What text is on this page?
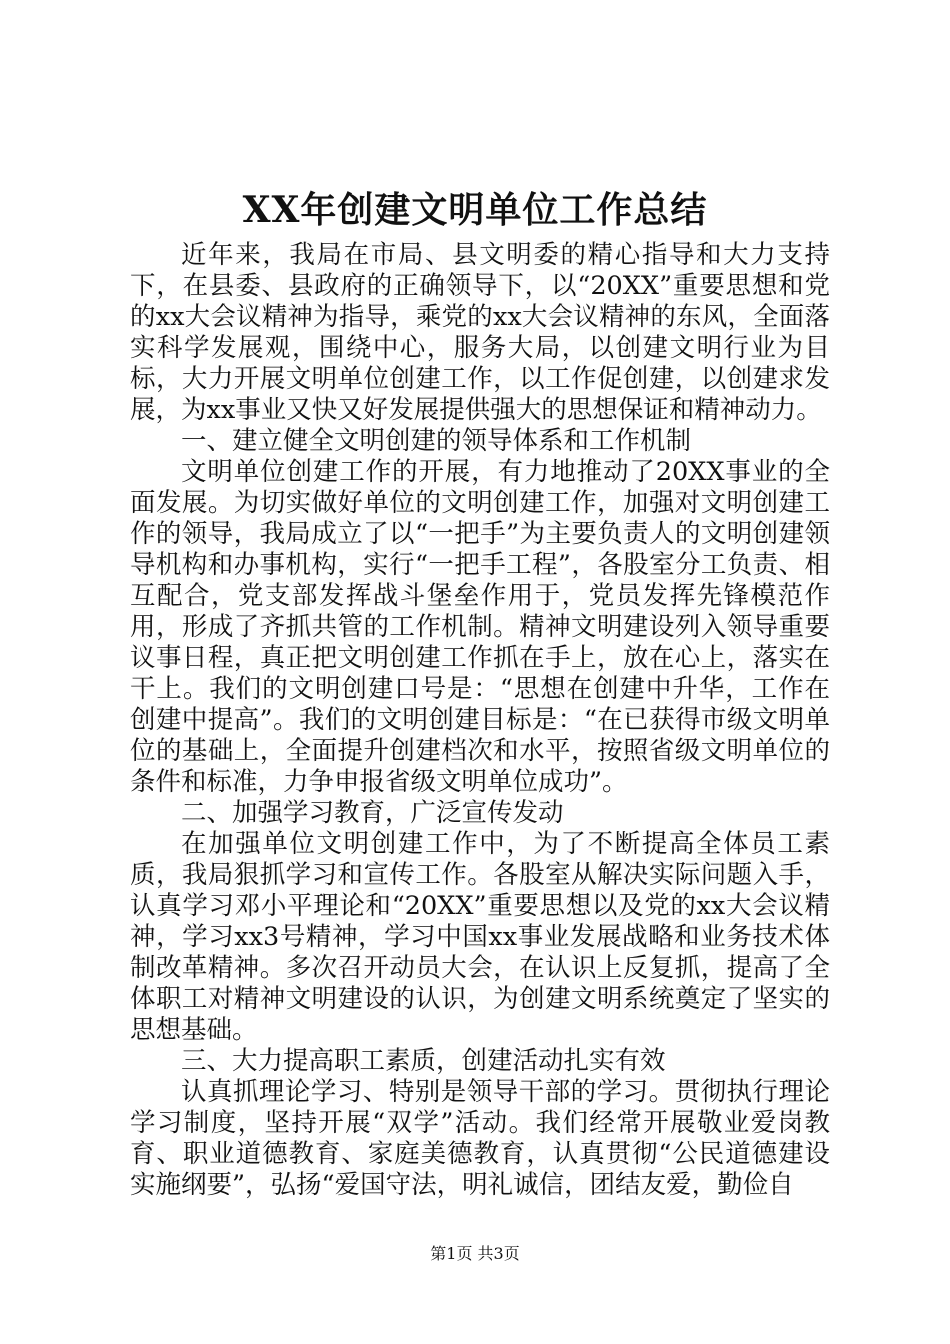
XX年创建文明单位工作总结

近年来，我局在市局、县文明委的精心指导和大力支持下，在县委、县政府的正确领导下，以“20XX”重要思想和党的xx大会议精神为指导，乘党的xx大会议精神的东风，全面落实科学发展观，围绕中心，服务大局，以创建文明行业为目标，大力开展文明单位创建工作，以工作促创建，以创建求发展，为xx事业又快又好发展提供强大的思想保证和精神动力。

一、建立健全文明创建的领导体系和工作机制

文明单位创建工作的开展，有力地推动了20XX事业的全面发展。为切实做好单位的文明创建工作，加强对文明创建工作的领导，我局成立了以“一把手”为主要负责人的文明创建领导机构和办事机构，实行“一把手工程”，各股室分工负责、相互配合，党支部发挥战斗堡垒作用于，党员发挥先锋模范作用，形成了齐抓共管的工作机制。精神文明建设列入领导重要议事日程，真正把文明创建工作抓在手上，放在心上，落实在干上。我们的文明创建口号是：“思想在创建中升华，工作在创建中提高”。我们的文明创建目标是：“在已获得市级文明单位的基础上，全面提升创建档次和水平，按照省级文明单位的条件和标准，力争申报省级文明单位成功”。

二、加强学习教育，广泛宣传发动

在加强单位文明创建工作中，为了不断提高全体员工素质，我局狠抓学习和宣传工作。各股室从解决实际问题入手，认真学习邓小平理论和“20XX”重要思想以及党的xx大会议精神，学习xx3号精神，学习中国xx事业发展战略和业务技术体制改革精神。多次召开动员大会，在认识上反复抓，提高了全体职工对精神文明建设的认识，为创建文明系统奠定了坚实的思想基础。

三、大力提高职工素质，创建活动扎实有效

认真抓理论学习、特别是领导干部的学习。贯彻执行理论学习制度，坚持开展“双学”活动。我们经常开展敬业爱岗教育、职业道德教育、家庭美德教育，认真贯彻“公民道德建设实施纲要”，弘扬“爱国守法，明礼诚信，团结友爱，勤俭自

第1页 共3页
